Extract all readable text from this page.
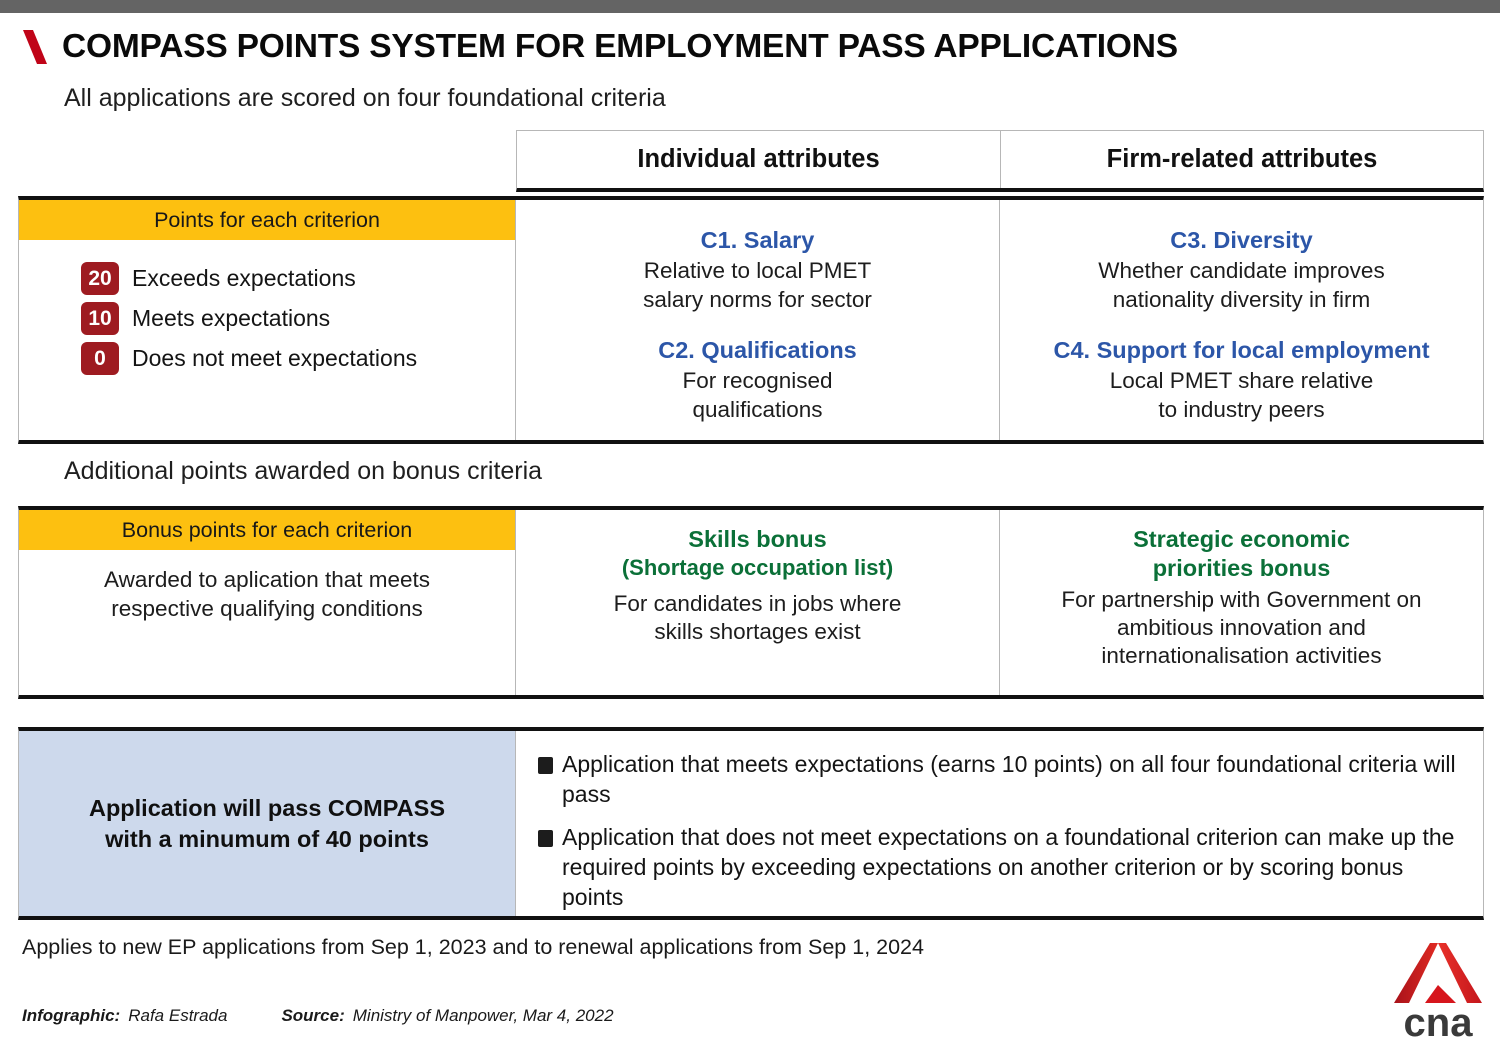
COMPASS POINTS SYSTEM FOR EMPLOYMENT PASS APPLICATIONS
All applications are scored on four foundational criteria
Individual attributes	Firm-related attributes
Points for each criterion
20 Exceeds expectations
10 Meets expectations
0	Does not meet expectations
C1. Salary
Relative to local PMET
salary norms for sector
C2. Qualifications
For recognised
qualifications
C3. Diversity
Whether candidate improves
nationality diversity in firm
C4. Support for local employment
Local PMET share relative
to industry peers
Additional points awarded on bonus criteria
Bonus points for each criterion
Awarded to aplication that meets
respective qualifying conditions
Skills bonus
(Shortage occupation list)
For candidates in jobs where
skills shortages exist
Strategic economic
priorities bonus
For partnership with Government on
ambitious innovation and
internationalisation activities
Application will pass COMPASS
with a minumum of 40 points
Application that meets expectations (earns 10 points) on all four foundational criteria will pass
Application that does not meet expectations on a foundational criterion can make up the required points by exceeding expectations on another criterion or by scoring bonus points
Applies to new EP applications from Sep 1, 2023 and to renewal applications from Sep 1, 2024
Infographic: Rafa Estrada	Source: Ministry of Manpower, Mar 4, 2022	cna
